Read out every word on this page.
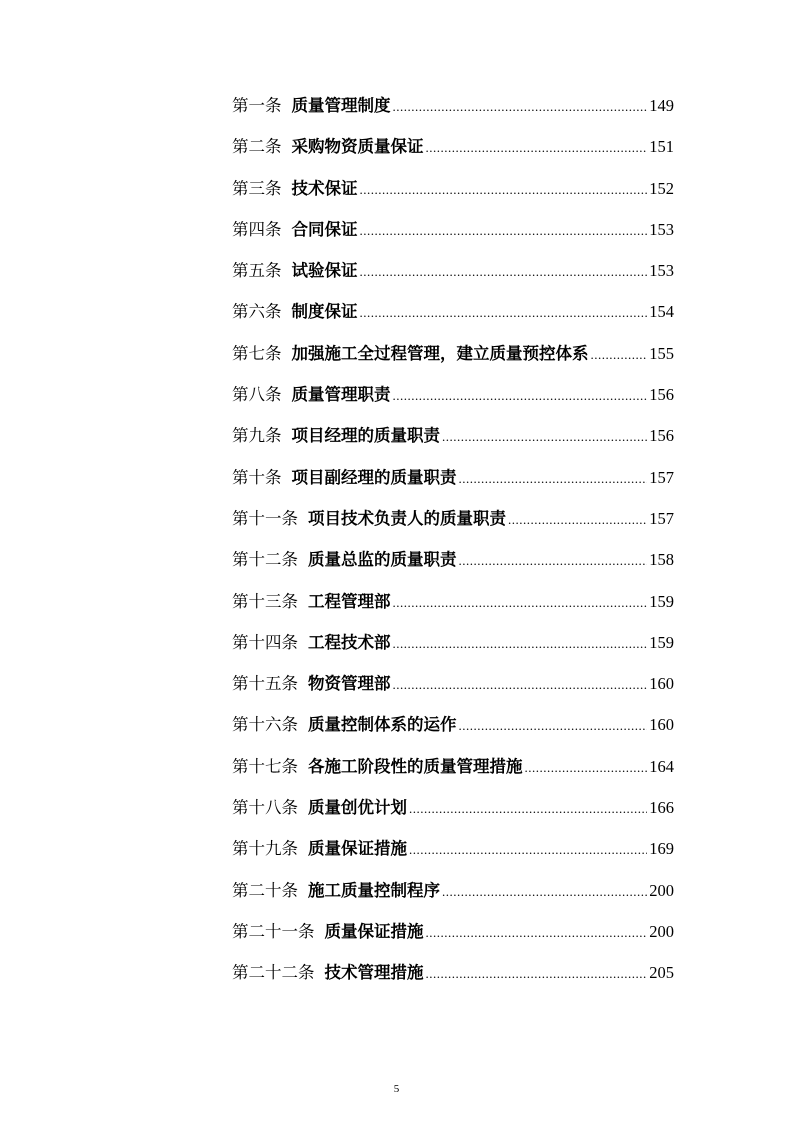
第一条 质量管理制度 .....	149
第二条 采购物资质量保证 .....	151
第三条 技术保证 .....	152
第四条 合同保证 .....	153
第五条 试验保证 .....	153
第六条 制度保证 .....	154
第七条 加强施工全过程管理，建立质量预控体系 .....	155
第八条 质量管理职责 .....	156
第九条 项目经理的质量职责 .....	156
第十条 项目副经理的质量职责 .....	157
第十一条 项目技术负责人的质量职责 .....	157
第十二条 质量总监的质量职责 .....	158
第十三条 工程管理部 .....	159
第十四条 工程技术部 .....	159
第十五条 物资管理部 .....	160
第十六条 质量控制体系的运作 .....	160
第十七条 各施工阶段性的质量管理措施 .....	164
第十八条 质量创优计划 .....	166
第十九条 质量保证措施 .....	169
第二十条 施工质量控制程序 .....	200
第二十一条 质量保证措施 .....	200
第二十二条 技术管理措施 .....	205
5
